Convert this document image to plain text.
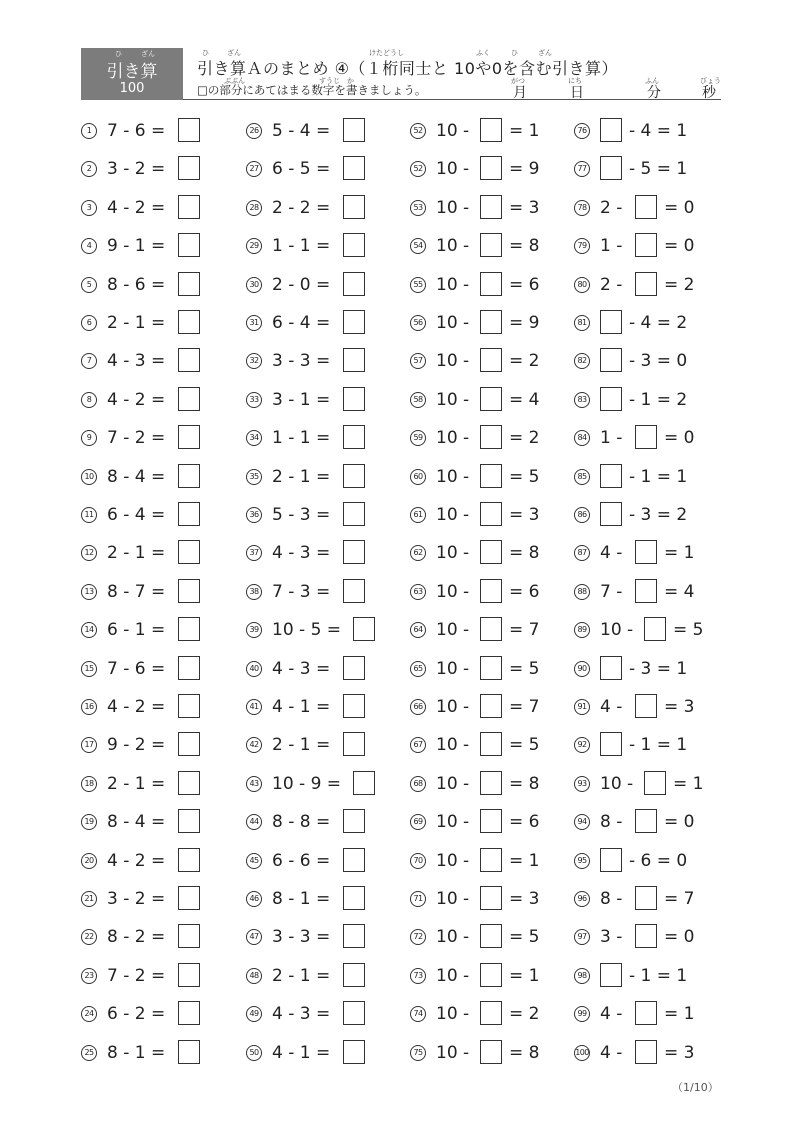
ひ	ざん
引き算
100
ひ	ざん	けたどうし	ふく	ひ	ざん
引き算Ａのまとめ ④（１桁同士と 10や0を含む引き算）
ぶぶん	すうじ か
□の部分にあてはまる数字を書きましょう。
がつ
月
にち
日
ふん
分
びょう
秒
1 7 - 6 =
2 3 - 2 =
3 4 - 2 =
4 9 - 1 =
5 8 - 6 =
6 2 - 1 =
7 4 - 3 =
8 4 - 2 =
9 7 - 2 =
10 8 - 4 =
11 6 - 4 =
12 2 - 1 =
13 8 - 7 =
14 6 - 1 =
15 7 - 6 =
16 4 - 2 =
17 9 - 2 =
18 2 - 1 =
19 8 - 4 =
20 4 - 2 =
21 3 - 2 =
22 8 - 2 =
23 7 - 2 =
24 6 - 2 =
25 8 - 1 =
26 5 - 4 =
27 6 - 5 =
28 2 - 2 =
29 1 - 1 =
30 2 - 0 =
31 6 - 4 =
32 3 - 3 =
33 3 - 1 =
34 1 - 1 =
35 2 - 1 =
36 5 - 3 =
37 4 - 3 =
38 7 - 3 =
39 10 - 5 =
40 4 - 3 =
41 4 - 1 =
42 2 - 1 =
43 10 - 9 =
44 8 - 8 =
45 6 - 6 =
46 8 - 1 =
47 3 - 3 =
48 2 - 1 =
49 4 - 3 =
50 4 - 1 =
52 10 - = 1
52 10 - = 9
53 10 - = 3
54 10 - = 8
55 10 - = 6
56 10 - = 9
57 10 - = 2
58 10 - = 4
59 10 - = 2
60 10 - = 5
61 10 - = 3
62 10 - = 8
63 10 - = 6
64 10 - = 7
65 10 - = 5
66 10 - = 7
67 10 - = 5
68 10 - = 8
69 10 - = 6
70 10 - = 1
71 10 - = 3
72 10 - = 5
73 10 - = 1
74 10 - = 2
75 10 - = 8
76	- 4 = 1
77	- 5 = 1
78 2 - = 0
79 1 - = 0
80 2 - = 2
81	- 4 = 2
82	- 3 = 0
83	- 1 = 2
84 1 - = 0
85	- 1 = 1
86	- 3 = 2
87 4 - = 1
88 7 - = 4
89 10 - = 5
90	- 3 = 1
91 4 - = 3
92	- 1 = 1
93 10 - = 1
94 8 - = 0
95	- 6 = 0
96 8 - = 7
97 3 - = 0
98	- 1 = 1
99 4 - = 1
100 4 - = 3
（1/10）
